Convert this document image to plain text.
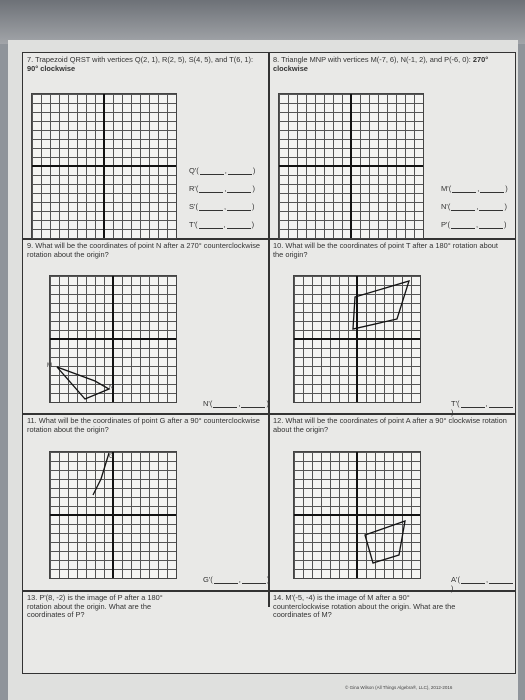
7. Trapezoid QRST with vertices Q(2, 1), R(2, 5), S(4, 5), and T(6, 1): 90° clockwise
Q'(	,	)
R'(	,	)
S'(	,	)
T'(	,	)
8. Triangle MNP with vertices M(-7, 6), N(-1, 2), and P(-6, 0): 270° clockwise
M'(	,	)
N'(	,	)
P'(	,	)
9. What will be the coordinates of point N after a 270° counterclockwise rotation about the origin?
M
N
N'(	,	)
10. What will be the coordinates of point T after a 180° rotation about the origin?
T'(	,)
11. What will be the coordinates of point G after a 90° counterclockwise rotation about the origin?
G
G'(	,	)
12. What will be the coordinates of point A after a 90° clockwise rotation about the origin?
A'(	,)
13. P'(8, -2) is the image of P after a 180° rotation about the origin. What are the coordinates of P?
14. M'(-5, -4) is the image of M after a 90° counterclockwise rotation about the origin. What are the coordinates of M?
© Gina Wilson (All Things Algebra®, LLC), 2012-2016
